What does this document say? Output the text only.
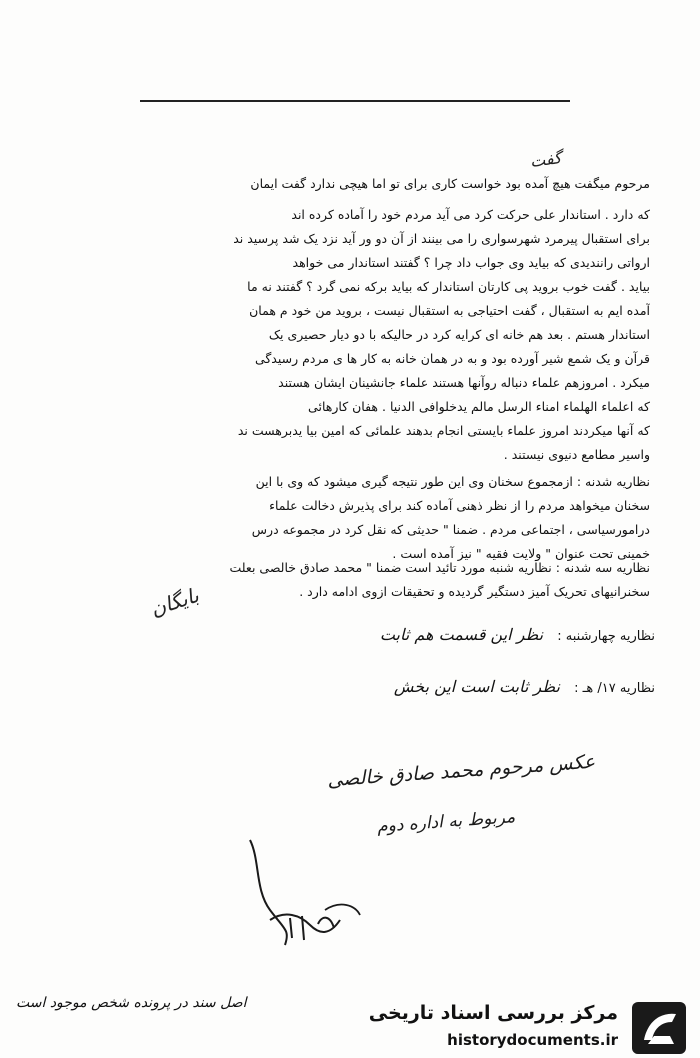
گفت
مرحوم میگفت هیچ آمده بود خواست کاری برای تو اما هیچی ندارد گفت ایمان
که دارد . استاندار علی حرکت کرد می آید مردم خود را آماده کرده اند
برای استقبال پیرمرد شهرسواری را می بینند از آن دو ور آید نزد یک شد پرسید ند
ارواتی رانندیدی که بیاید وی جواب داد چرا ؟ گفتند استاندار می خواهد
بیاید . گفت خوب بروید پی کارتان استاندار که بیاید برکه نمی گرد ؟ گفتند نه ما
آمده ایم به استقبال ، گفت احتیاجی به استقبال نیست ، بروید من خود م همان
استاندار هستم . بعد هم خانه ای کرایه کرد در حالیکه با دو دیار حصیری یک
قرآن و یک شمع شیر آورده بود و به در همان خانه به کار ها ی مردم رسیدگی
میکرد . امروزهم علماء دنباله روآنها هستند علماء جانشینان ایشان هستند
که اعلماء الهلماء امناء الرسل مالم یدخلوافی الدنیا . هفان کارهائی
که آنها میکردند امروز علماء بایستی انجام بدهند علمائی که امین بیا یدبرهست ند
واسیر مطامع دنیوی نیستند .
نظاریه شدنه : ازمجموع سخنان وی این طور نتیجه گیری میشود که وی با این
سخنان میخواهد مردم را از نظر ذهنی آماده کند برای پذیرش دخالت علماء
درامورسیاسی ، اجتماعی مردم . ضمنا " حدیثی که نقل کرد در مجموعه درس
خمینی تحت عنوان " ولایت فقیه " نیز آمده است .
نظاریه سه شدنه : نظاریه شنبه مورد تائید است ضمنا " محمد صادق خالصی بعلت
سخنرانیهای تحریک آمیز دستگیر گردیده و تحقیقات ازوی ادامه دارد .
بایگان
نظاریه چهارشنبه : نظر این قسمت هم ثابت
نظاریه ۱۷/ هـ : نظر ثابت است این بخش
عکس مرحوم محمد صادق خالصی
مربوط به اداره دوم
اصل سند در پرونده شخص موجود است	مرکز بررسی اسناد تاریخی
historydocuments.ir
